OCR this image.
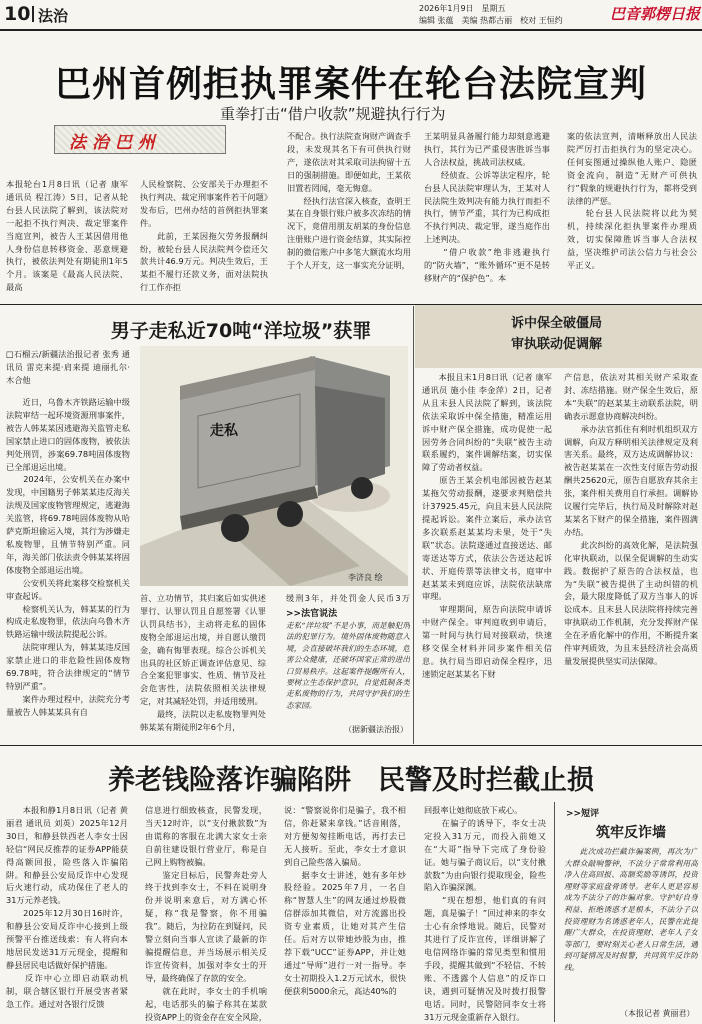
10 法治	2026年1月9日　星期五
编辑 张蕴　美编 热都古丽　校对 王恒约	巴音郭楞日报
巴州首例拒执罪案件在轮台法院宣判
重拳打击“借户收款”规避执行行为
法 治 巴 州
本报轮台1月8日讯（记者 康军 通讯员 程江涛）5日，记者从轮台县人民法院了解到，该法院对一起拒不执行判决、裁定罪案件当庭宣判，被告人王某因借用他人身份信息转移资金、恶意规避执行，被依法判处有期徒刑1年5个月。该案是《最高人民法院、最高
人民检察院、公安部关于办理拒不执行判决、裁定刑事案件若干问题》发布后，巴州办结的首例拒执罪案件。
　　此前，王某因拖欠劳务报酬纠纷，被轮台县人民法院判令偿还欠款共计46.9万元。判决生效后，王某拒不履行还款义务，面对法院执行工作亦拒
不配合。执行法院查询财产调查手段，未发现其名下有可供执行财产，遂依法对其采取司法拘留十五日的强制措施。即便如此，王某依旧置若罔闻，毫无悔意。
　　经执行法官深入核查，查明王某在自身银行账户被多次冻结的情况下，竟借用朋友胡某的身份信息注册账户进行资金结算，其实际控制的微信账户中多笔大额流水均用于个人开支，这一事实充分证明，
王某明显具备履行能力却刻意逃避执行，其行为已严重侵害胜诉当事人合法权益，挑战司法权威。
　　经侦查、公诉等法定程序，轮台县人民法院审理认为，王某对人民法院生效判决有能力执行而拒不执行，情节严重，其行为已构成拒不执行判决、裁定罪，遂当庭作出上述判决。
　　“借户收款”绝非逃避执行的“防火墙”，“账外循环”更不是转移财产的“保护色”。本
案的依法宣判，清晰释放出人民法院严厉打击拒执行为的坚定决心。任何妄图通过操纵他人账户、隐匿资金流向，制造“无财产可供执行”假象的规避执行行为，都将受到法律的严惩。
　　轮台县人民法院将以此为契机，持续深化拒执罪案件办理质效，切实保障胜诉当事人合法权益，坚决维护司法公信力与社会公平正义。
男子走私近70吨“洋垃圾”获罪
□石榴云/新疆法治报记者 张秀 通讯员 雷克来提·肩来提 迪丽扎尔·木合他
　　近日，乌鲁木齐铁路运输中级法院审结一起环境资源刑事案件，被告人韩某某因逃避海关监管走私国家禁止进口的固体废物，被依法判处刑罚，涉案69.78吨固体废物已全部退运出境。
　　2024年，公安机关在办案中发现，中国籍男子韩某某违反海关法规及国家废物管理规定，逃避海关监管，将69.78吨固体废物从哈萨克斯坦偷运入境，其行为涉嫌走私废物罪，且情节特别严重。同年，海关部门依法责令韩某某将固体废物全部退运出境。
　　公安机关将此案移交检察机关审查起诉。
　　检察机关认为，韩某某的行为构成走私废物罪，依法向乌鲁木齐铁路运输中级法院提起公诉。
　　法院审理认为，韩某某违反国家禁止进口的非危险性固体废物69.78吨，符合法律规定的“情节特别严重”。
　　案件办理过程中，法院充分考量被告人韩某某具有自
走私
李济良 绘
首、立功情节，其归案后如实供述罪行、认罪认罚且自愿签署《认罪认罚具结书》，主动将走私的固体废物全部退运出境，并自愿认缴罚金，确有悔罪表现。综合公诉机关出具的社区矫正调查评估意见、综合全案犯罪事实、性质、情节及社会危害性，法院依照相关法律规定，对其减轻处罚，并适用缓刑。
　　最终，法院以走私废物罪判处韩某某有期徒刑2年6个月，
缓刑3年，并处罚金人民币3万
>>法官说法
走私“洋垃圾”不是小事，而是触犯刑法的犯罪行为。境外固体废物随意入境，会直接破坏我们的生态环境，危害公众健康，还破坏国家正常的进出口贸易秩序。这起案件提醒所有人，要树立生态保护意识，自觉抵制各类走私废物的行为，共同守护我们的生态家园。
（据新疆法治报）
诉中保全破僵局
审执联动促调解
　　本报且末1月8日讯（记者 康军 通讯员 施小佳 李金萍）2日，记者从且末县人民法院了解到，该法院依法采取诉中保全措施，精准运用诉中财产保全措施，成功促使一起因劳务合同纠纷的“失联”被告主动联系履约，案件调解结案，切实保障了劳动者权益。
　　原告王某会机电部因被告赵某某拖欠劳动报酬，遂要求判赔偿共计37925.45元，向且末县人民法院提起诉讼。案件立案后，承办法官多次联系赵某某均未果，处于“失联”状态。法院遂通过直接送达、邮寄送达等方式，依法公告送达起诉状、开庭传票等法律文书，庭审中赵某某未到庭应诉，法院依法缺席审理。
　　审理期间，原告向法院申请诉中财产保全。审判庭收到申请后，第一时间与执行局对接联动，快速移交保全材料并同步案件相关信息。执行局当即启动保全程序，迅速锁定赵某某名下财
产信息，依法对其相关财产采取查封、冻结措施。财产保全生效后，原本“失联”的赵某某主动联系法院，明确表示愿意协商解决纠纷。
　　承办法官抓住有利时机组织双方调解，向双方释明相关法律规定及利害关系。最终，双方达成调解协议：被告赵某某在一次性支付原告劳动报酬共25620元，原告自愿放弃其余主张，案件相关费用自行承担。调解协议履行完毕后，执行局及时解除对赵某某名下财产的保全措施，案件圆满办结。
　　此次纠纷的高效化解，是法院强化审执联动，以保全促调解的生动实践。数据护了原告的合法权益，也为“失联”被告提供了主动纠错的机会，最大限度降低了双方当事人的诉讼成本。且末县人民法院将持续完善审执联动工作机制，充分发挥财产保全在矛盾化解中的作用，不断提升案件审判质效，为且末县经济社会高质量发展提供坚实司法保障。
养老钱险落诈骗陷阱　民警及时拦截止损
　　本报和静1月8日讯（记者 黄丽君 通讯员 刘英）2025年12月30日，和静县铁西老人李女士因轻信“网民反推荐的证券APP能获得高额回报，险些落入诈骗陷阱。和静县公安局反诈中心发现后火速行动，成功保住了老人的31万元养老钱。
　　2025年12月30日16时许，和静县公安局反诈中心接到上级预警平台推送线索：有人将向本地居民发送31万元现金，提醒和静县居民电话做好保护措施。
　　反诈中心立即启动联动机制，联合辖区银行开展受害者紧急工作。通过对各银行反馈
信息进行细致核查，民警发现，当天12时许，以“支付揪款数”为由谎称的客服在北满大家女士亲自前往建设银行营业厅，称是自己网上购物被骗。
　　鉴定目标后，民警奔赴旁人终于找到李女士，不料在说明身份并说明来意后，对方满心怀疑，称“我是警察，你不用骗我”。随后，为拉防在到疑问，民警立刻向当事人宣读了最新的诈骗提醒信息，并当场展示相关反诈宣传资料，加强对李女士的开导，最终确保了存款的安全。
　　就在此时，李女士的手机响起，电话那头的骗子称其在某款投资APP上的资金存在安全风险，
说：“警察说你们是骗子，我不相信，你赶紧来拿钱。”话音刚落，对方便匆匆挂断电话，再打去已无人接听。至此，李女士才意识到自己险些落入骗局。
　　据李女士讲述，她有多年炒股经验。2025年7月，一名自称“智慧人生”的网友通过炒股微信群添加其微信，对方流露出投资专业素质，让她对其产生信任。后对方以带她炒股为由，推荐下载“UCC”证券APP，并让她通过“导师”进行一对一指导。李女士初期投入1.2万元试水，很快便获利5000余元，高达40%的
回报率让她彻底放下戒心。
　　在骗子的诱导下，李女士决定投入31万元，而投入前她又在“大哥”指导下完成了身份验证。她与骗子商议后，以“支付揪款数”为由向银行提取现金，险些陷入诈骗深渊。
　　“现在想想，他们真的有问题，真是骗子！”回过神来的李女士心有余悸地说。随后，民警对其进行了反诈宣传，详细讲解了电信网络诈骗的常见类型和惯用手段，提醒其做到“不轻信、不转账、不透露个人信息”的反诈口诀，遇到可疑情况及时拨打报警电话。同时，民警陪同李女士将31万元现金重新存入银行。
>>短评
筑牢反诈墙
　　此次成功拦截诈骗案例，再次为广大群众敲响警钟，不法分子常常利用高净入住高回报、高额奖励等诱饵，投资理财等家庭盘骨诱导。老年人更是容易成为不法分子的诈骗对象。守护好自身利益、拒绝诱惑才是根本，不法分子以投资理财为名诱惑老年人，民警在此提醒广大群众，在投资理财、老年人子女等部门，要时刻关心老人日常生活，遇到可疑情况及时报警，共同筑牢反诈防线。
（本报记者 黄丽君）
